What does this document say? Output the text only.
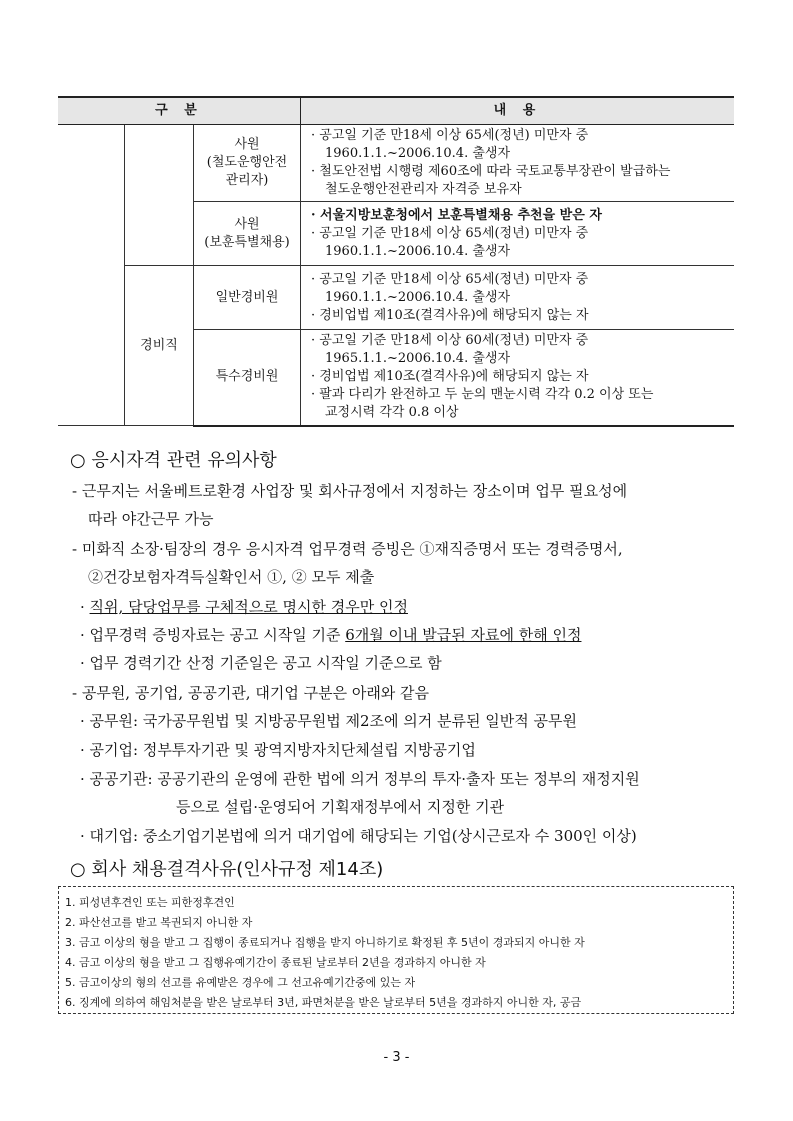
구 분			내 용

		사원
(철도운행안전
관리자)	· 공고일 기준 만18세 이상 65세(정년) 미만자 중
1960.1.1.~2006.10.4. 출생자
· 철도안전법 시행령 제60조에 따라 국토교통부장관이 발급하는
철도운행안전관리자 자격증 보유자

		사원
(보훈특별채용)	· 서울지방보훈청에서 보훈특별채용 추천을 받은 자
· 공고일 기준 만18세 이상 65세(정년) 미만자 중
1960.1.1.~2006.10.4. 출생자

	경비직	일반경비원	· 공고일 기준 만18세 이상 65세(정년) 미만자 중
1960.1.1.~2006.10.4. 출생자
· 경비업법 제10조(결격사유)에 해당되지 않는 자

		특수경비원	· 공고일 기준 만18세 이상 60세(정년) 미만자 중
1965.1.1.~2006.10.4. 출생자
· 경비업법 제10조(결격사유)에 해당되지 않는 자
· 팔과 다리가 완전하고 두 눈의 맨눈시력 각각 0.2 이상 또는
교정시력 각각 0.8 이상
○ 응시자격 관련 유의사항
- 근무지는 서울베트로환경 사업장 및 회사규정에서 지정하는 장소이며 업무 필요성에
따라 야간근무 가능
- 미화직 소장·팀장의 경우 응시자격 업무경력 증빙은 ①재직증명서 또는 경력증명서,
②건강보험자격득실확인서 ①, ② 모두 제출
· 직위, 담당업무를 구체적으로 명시한 경우만 인정
· 업무경력 증빙자료는 공고 시작일 기준 6개월 이내 발급된 자료에 한해 인정
· 업무 경력기간 산정 기준일은 공고 시작일 기준으로 함
- 공무원, 공기업, 공공기관, 대기업 구분은 아래와 같음
· 공무원: 국가공무원법 및 지방공무원법 제2조에 의거 분류된 일반적 공무원
· 공기업: 정부투자기관 및 광역지방자치단체설립 지방공기업
· 공공기관: 공공기관의 운영에 관한 법에 의거 정부의 투자·출자 또는 정부의 재정지원
등으로 설립·운영되어 기획재정부에서 지정한 기관
· 대기업: 중소기업기본법에 의거 대기업에 해당되는 기업(상시근로자 수 300인 이상)
○ 회사 채용결격사유(인사규정 제14조)
1. 피성년후견인 또는 피한정후견인
2. 파산선고를 받고 복권되지 아니한 자
3. 금고 이상의 형을 받고 그 집행이 종료되거나 집행을 받지 아니하기로 확정된 후 5년이 경과되지 아니한 자
4. 금고 이상의 형을 받고 그 집행유예기간이 종료된 날로부터 2년을 경과하지 아니한 자
5. 금고이상의 형의 선고를 유예받은 경우에 그 선고유예기간중에 있는 자
6. 징계에 의하여 해임처분을 받은 날로부터 3년, 파면처분을 받은 날로부터 5년을 경과하지 아니한 자, 공금
- 3 -
